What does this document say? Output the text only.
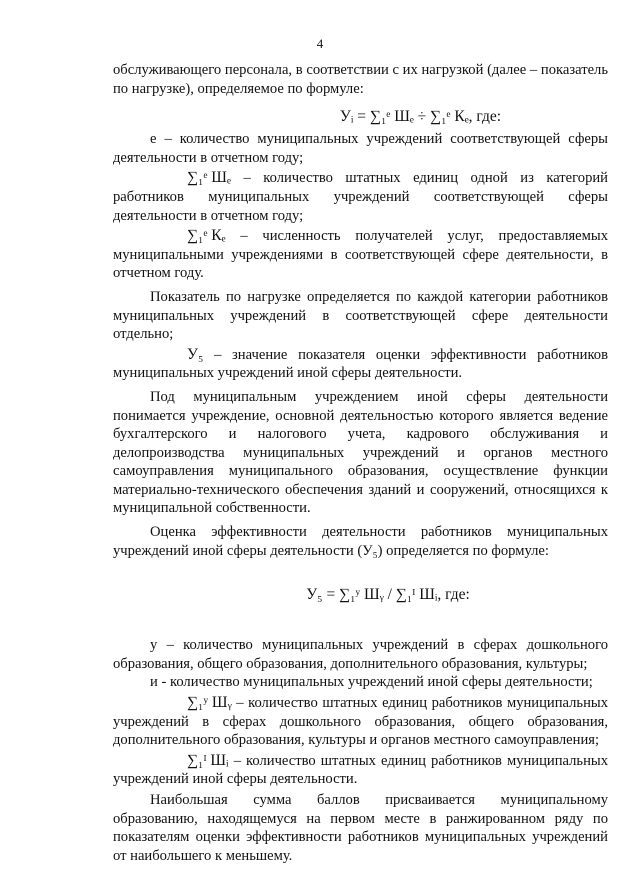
4

обслуживающего персонала, в соответствии с их нагрузкой (далее – показатель по нагрузке), определяемое по формуле:

Уᵢ = ∑₁ᵉ Шₑ ÷ ∑₁ᵉ Кₑ, где:

е – количество муниципальных учреждений соответствующей сферы деятельности в отчетном году;

∑₁ᵉ Шₑ – количество штатных единиц одной из категорий работников муниципальных учреждений соответствующей сферы деятельности в отчетном году;

∑₁ᵉ Кₑ – численность получателей услуг, предоставляемых муниципальными учреждениями в соответствующей сфере деятельности, в отчетном году.

Показатель по нагрузке определяется по каждой категории работников муниципальных учреждений в соответствующей сфере деятельности отдельно;

У₅ – значение показателя оценки эффективности работников муниципальных учреждений иной сферы деятельности.

Под муниципальным учреждением иной сферы деятельности понимается учреждение, основной деятельностью которого является ведение бухгалтерского и налогового учета, кадрового обслуживания и делопроизводства муниципальных учреждений и органов местного самоуправления муниципального образования, осуществление функции материально-технического обеспечения зданий и сооружений, относящихся к муниципальной собственности.

Оценка эффективности деятельности работников муниципальных учреждений иной сферы деятельности (У₅) определяется по формуле:

У₅ = ∑₁ʸ Шᵧ / ∑₁ᴵ Шᵢ, где:

у – количество муниципальных учреждений в сферах дошкольного образования, общего образования, дополнительного образования, культуры;

и - количество муниципальных учреждений иной сферы деятельности;

∑₁ʸ Шᵧ – количество штатных единиц работников муниципальных учреждений в сферах дошкольного образования, общего образования, дополнительного образования, культуры и органов местного самоуправления;

∑₁ᴵ Шᵢ – количество штатных единиц работников муниципальных учреждений иной сферы деятельности.

Наибольшая сумма баллов присваивается муниципальному образованию, находящемуся на первом месте в ранжированном ряду по показателям оценки эффективности работников муниципальных учреждений от наибольшего к меньшему.
